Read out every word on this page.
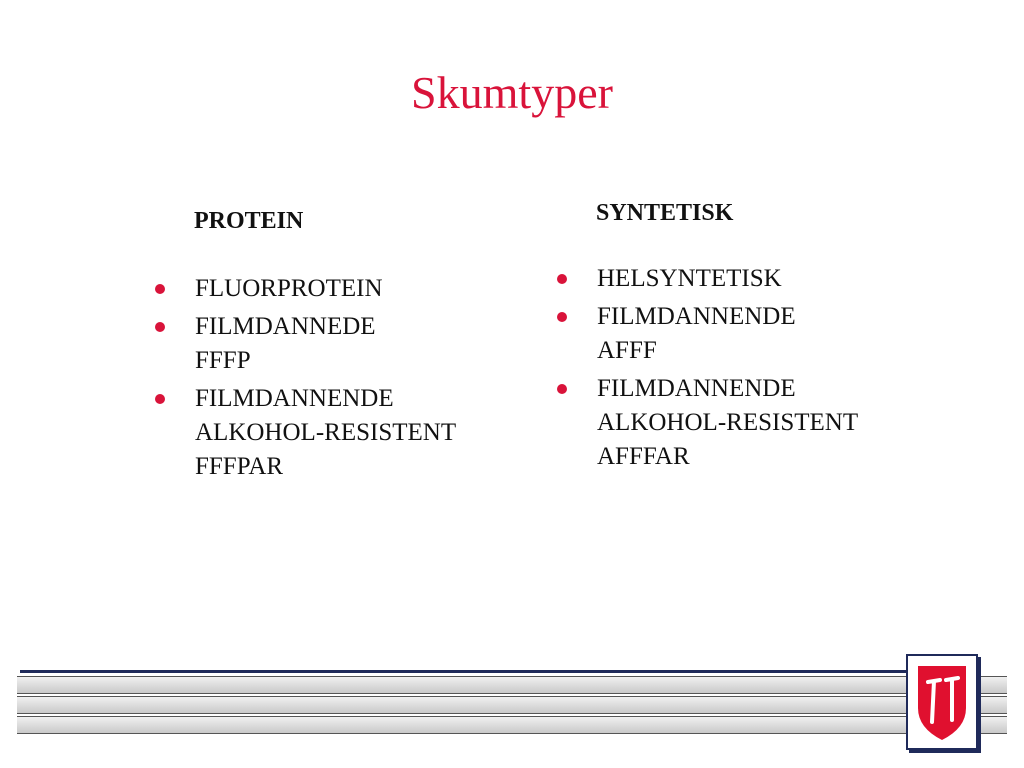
Skumtyper
PROTEIN
FLUORPROTEIN
FILMDANNEDE FFFP
FILMDANNENDE ALKOHOL-RESISTENT FFFPAR
SYNTETISK
HELSYNTETISK
FILMDANNENDE AFFF
FILMDANNENDE ALKOHOL-RESISTENT AFFFAR
